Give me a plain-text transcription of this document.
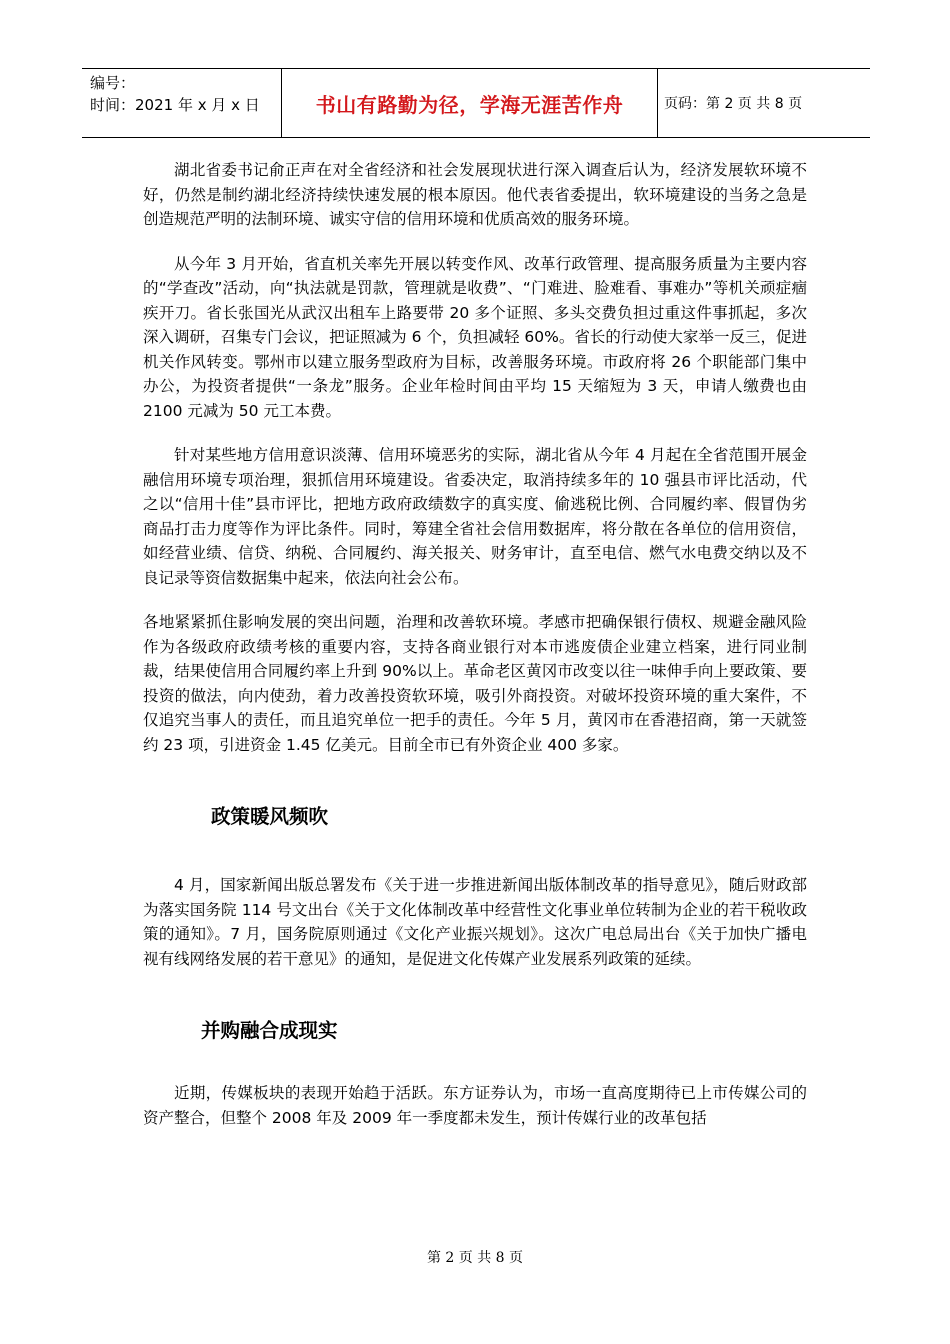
编号：
时间：2021 年 x 月 x 日	书山有路勤为径，学海无涯苦作舟	页码：第 2 页 共 8 页

湖北省委书记俞正声在对全省经济和社会发展现状进行深入调查后认为，经济发展软环境不好，仍然是制约湖北经济持续快速发展的根本原因。他代表省委提出，软环境建设的当务之急是创造规范严明的法制环境、诚实守信的信用环境和优质高效的服务环境。

从今年 3 月开始，省直机关率先开展以转变作风、改革行政管理、提高服务质量为主要内容的“学查改”活动，向“执法就是罚款，管理就是收费”、“门难进、脸难看、事难办”等机关顽症痼疾开刀。省长张国光从武汉出租车上路要带 20 多个证照、多头交费负担过重这件事抓起，多次深入调研，召集专门会议，把证照减为 6 个，负担减轻 60%。省长的行动使大家举一反三，促进机关作风转变。鄂州市以建立服务型政府为目标，改善服务环境。市政府将 26 个职能部门集中办公，为投资者提供“一条龙”服务。企业年检时间由平均 15 天缩短为 3 天，申请人缴费也由 2100 元减为 50 元工本费。

针对某些地方信用意识淡薄、信用环境恶劣的实际，湖北省从今年 4 月起在全省范围开展金融信用环境专项治理，狠抓信用环境建设。省委决定，取消持续多年的 10 强县市评比活动，代之以“信用十佳”县市评比，把地方政府政绩数字的真实度、偷逃税比例、合同履约率、假冒伪劣商品打击力度等作为评比条件。同时，筹建全省社会信用数据库，将分散在各单位的信用资信，如经营业绩、信贷、纳税、合同履约、海关报关、财务审计，直至电信、燃气水电费交纳以及不良记录等资信数据集中起来，依法向社会公布。

各地紧紧抓住影响发展的突出问题，治理和改善软环境。孝感市把确保银行债权、规避金融风险作为各级政府政绩考核的重要内容，支持各商业银行对本市逃废债企业建立档案，进行同业制裁，结果使信用合同履约率上升到 90%以上。革命老区黄冈市改变以往一味伸手向上要政策、要投资的做法，向内使劲，着力改善投资软环境，吸引外商投资。对破坏投资环境的重大案件，不仅追究当事人的责任，而且追究单位一把手的责任。今年 5 月，黄冈市在香港招商，第一天就签约 23 项，引进资金 1.45 亿美元。目前全市已有外资企业 400 多家。

政策暖风频吹

4 月，国家新闻出版总署发布《关于进一步推进新闻出版体制改革的指导意见》，随后财政部为落实国务院 114 号文出台《关于文化体制改革中经营性文化事业单位转制为企业的若干税收政策的通知》。7 月，国务院原则通过《文化产业振兴规划》。这次广电总局出台《关于加快广播电视有线网络发展的若干意见》的通知，是促进文化传媒产业发展系列政策的延续。

并购融合成现实

近期，传媒板块的表现开始趋于活跃。东方证券认为，市场一直高度期待已上市传媒公司的资产整合，但整个 2008 年及 2009 年一季度都未发生，预计传媒行业的改革包括

第 2 页 共 8 页
